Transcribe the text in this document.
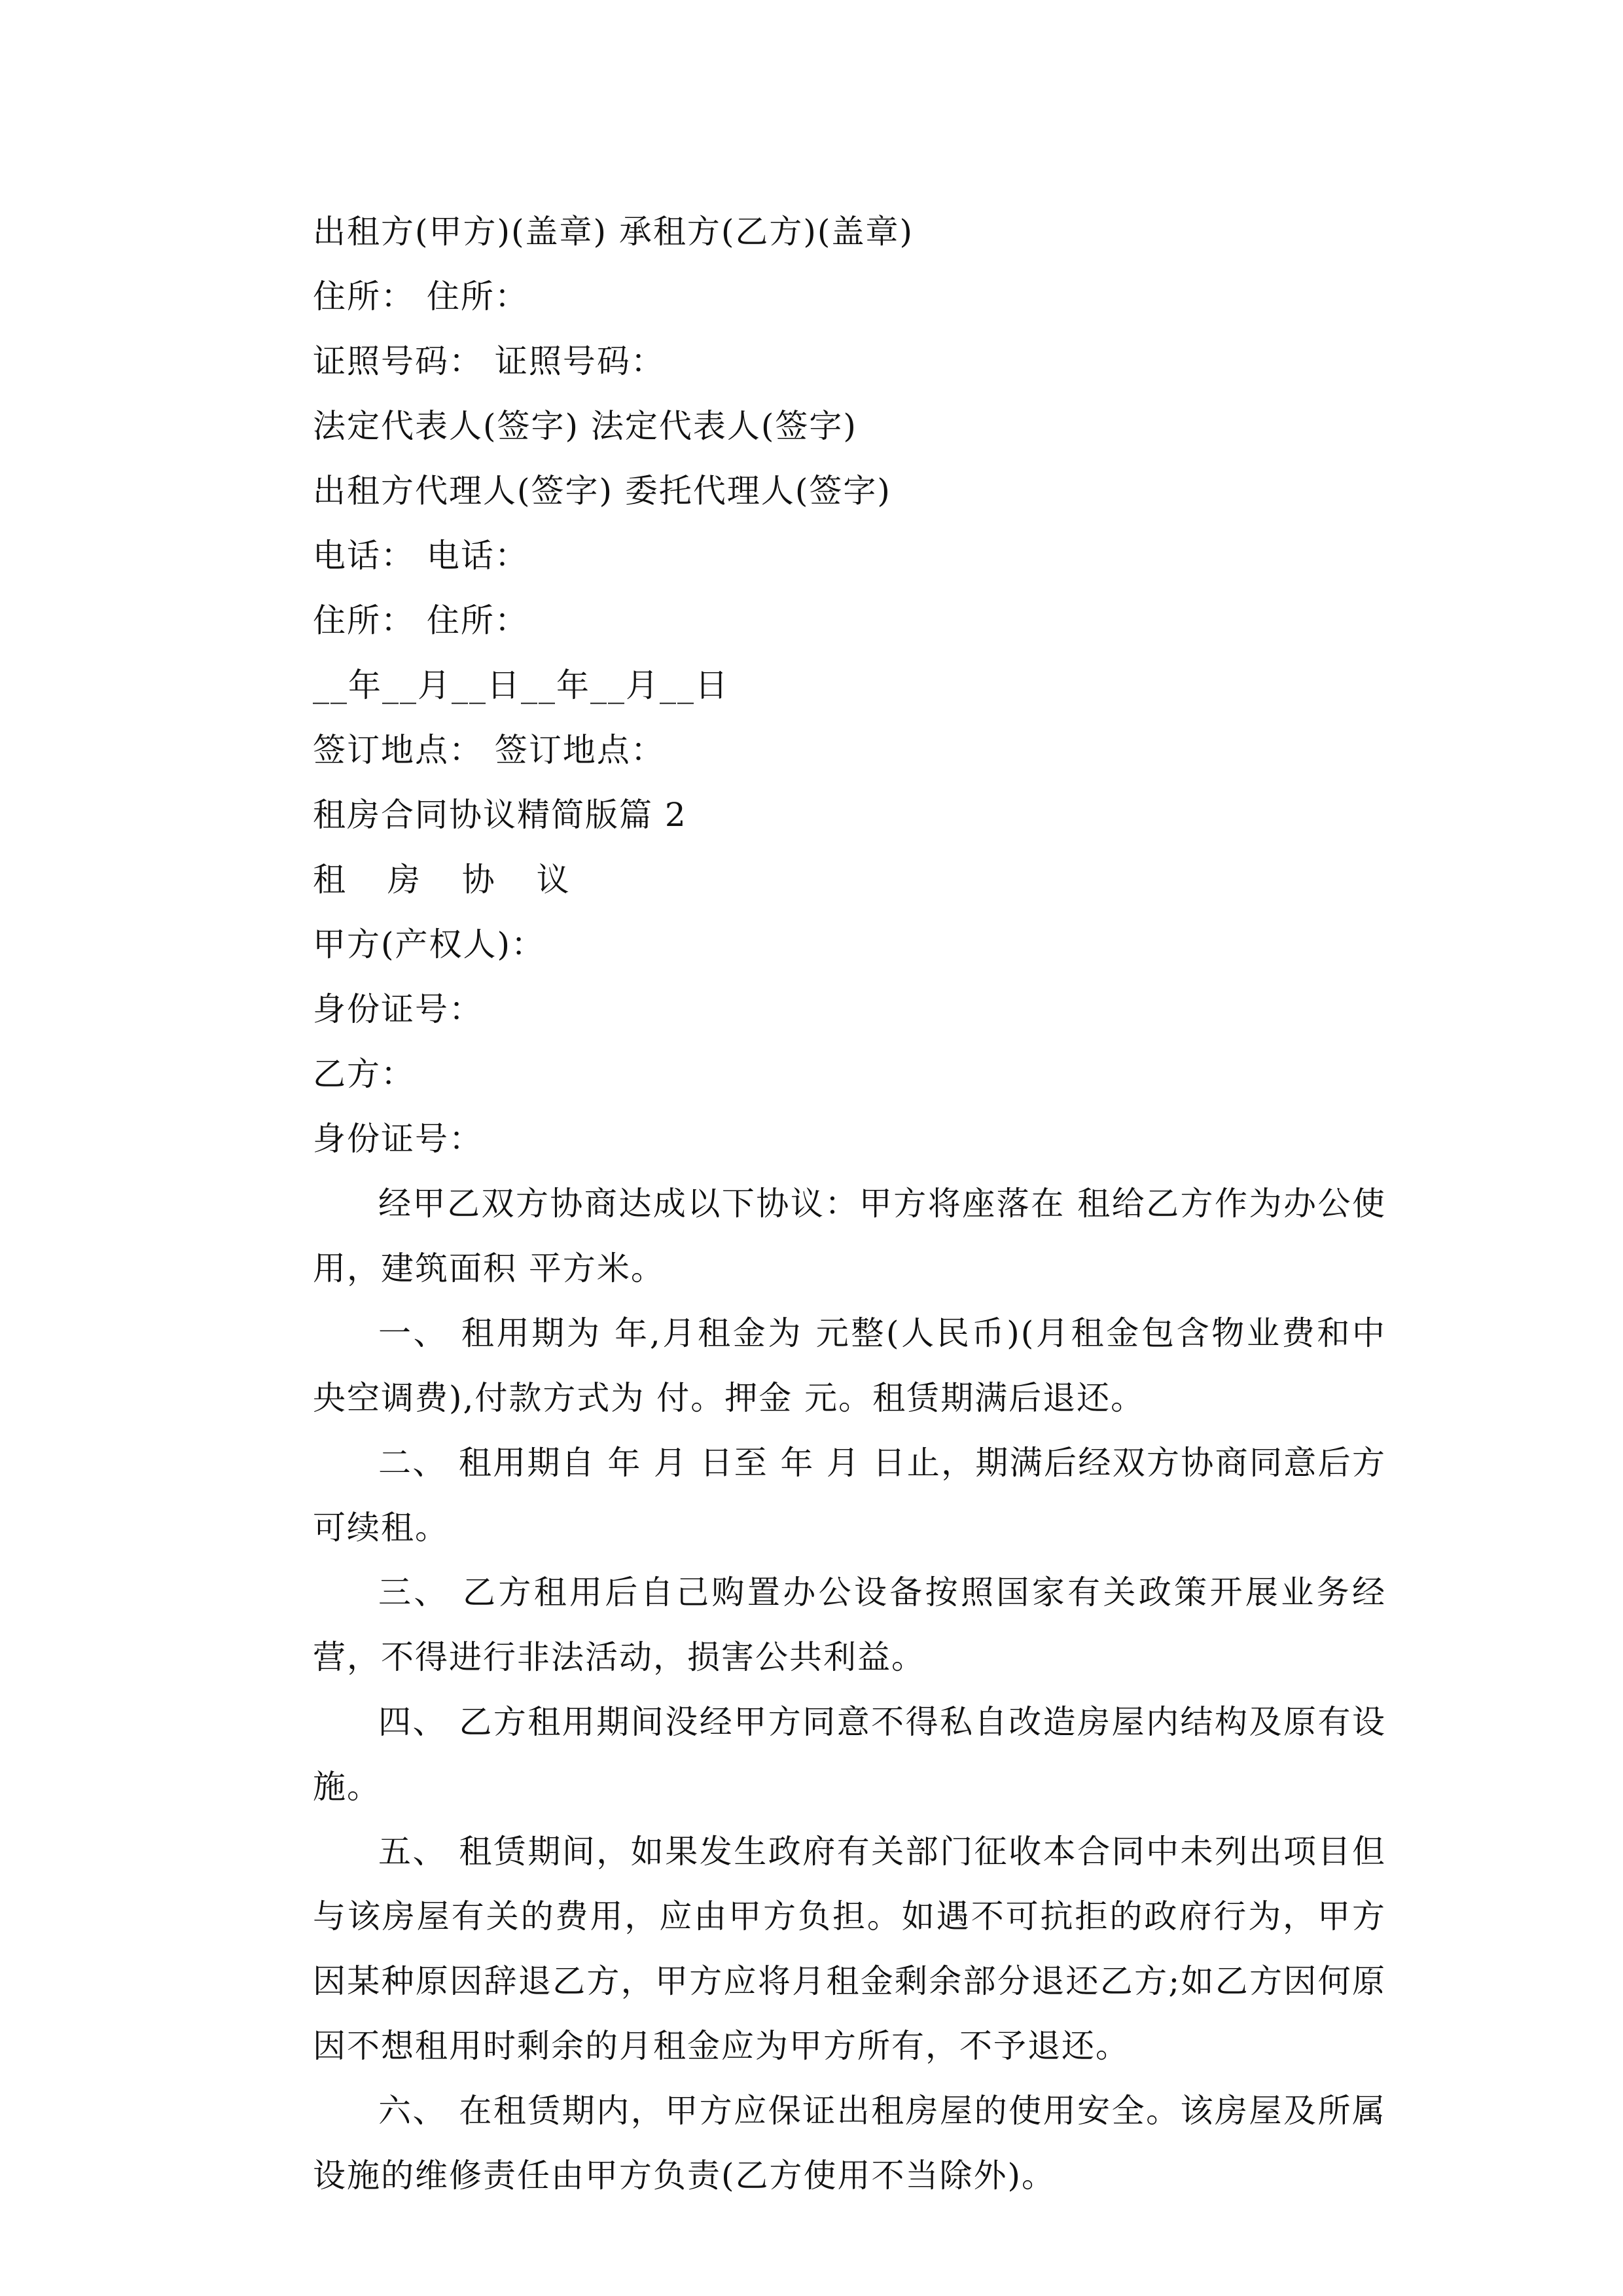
出租方(甲方)(盖章) 承租方(乙方)(盖章)
住所： 住所：
证照号码： 证照号码：
法定代表人(签字) 法定代表人(签字)
出租方代理人(签字) 委托代理人(签字)
电话： 电话：
住所： 住所：
__年__月__日__年__月__日
签订地点： 签订地点：
租房合同协议精简版篇 2
租 房 协 议
甲方(产权人)：
身份证号：
乙方：
身份证号：
经甲乙双方协商达成以下协议：甲方将座落在 租给乙方作为办公使用，建筑面积 平方米。
一、 租用期为 年,月租金为 元整(人民币)(月租金包含物业费和中央空调费),付款方式为 付。押金 元。租赁期满后退还。
二、 租用期自 年 月 日至 年 月 日止，期满后经双方协商同意后方可续租。
三、 乙方租用后自己购置办公设备按照国家有关政策开展业务经营，不得进行非法活动，损害公共利益。
四、 乙方租用期间没经甲方同意不得私自改造房屋内结构及原有设施。
五、 租赁期间，如果发生政府有关部门征收本合同中未列出项目但与该房屋有关的费用，应由甲方负担。如遇不可抗拒的政府行为，甲方因某种原因辞退乙方，甲方应将月租金剩余部分退还乙方;如乙方因何原因不想租用时剩余的月租金应为甲方所有，不予退还。
六、 在租赁期内，甲方应保证出租房屋的使用安全。该房屋及所属设施的维修责任由甲方负责(乙方使用不当除外)。
